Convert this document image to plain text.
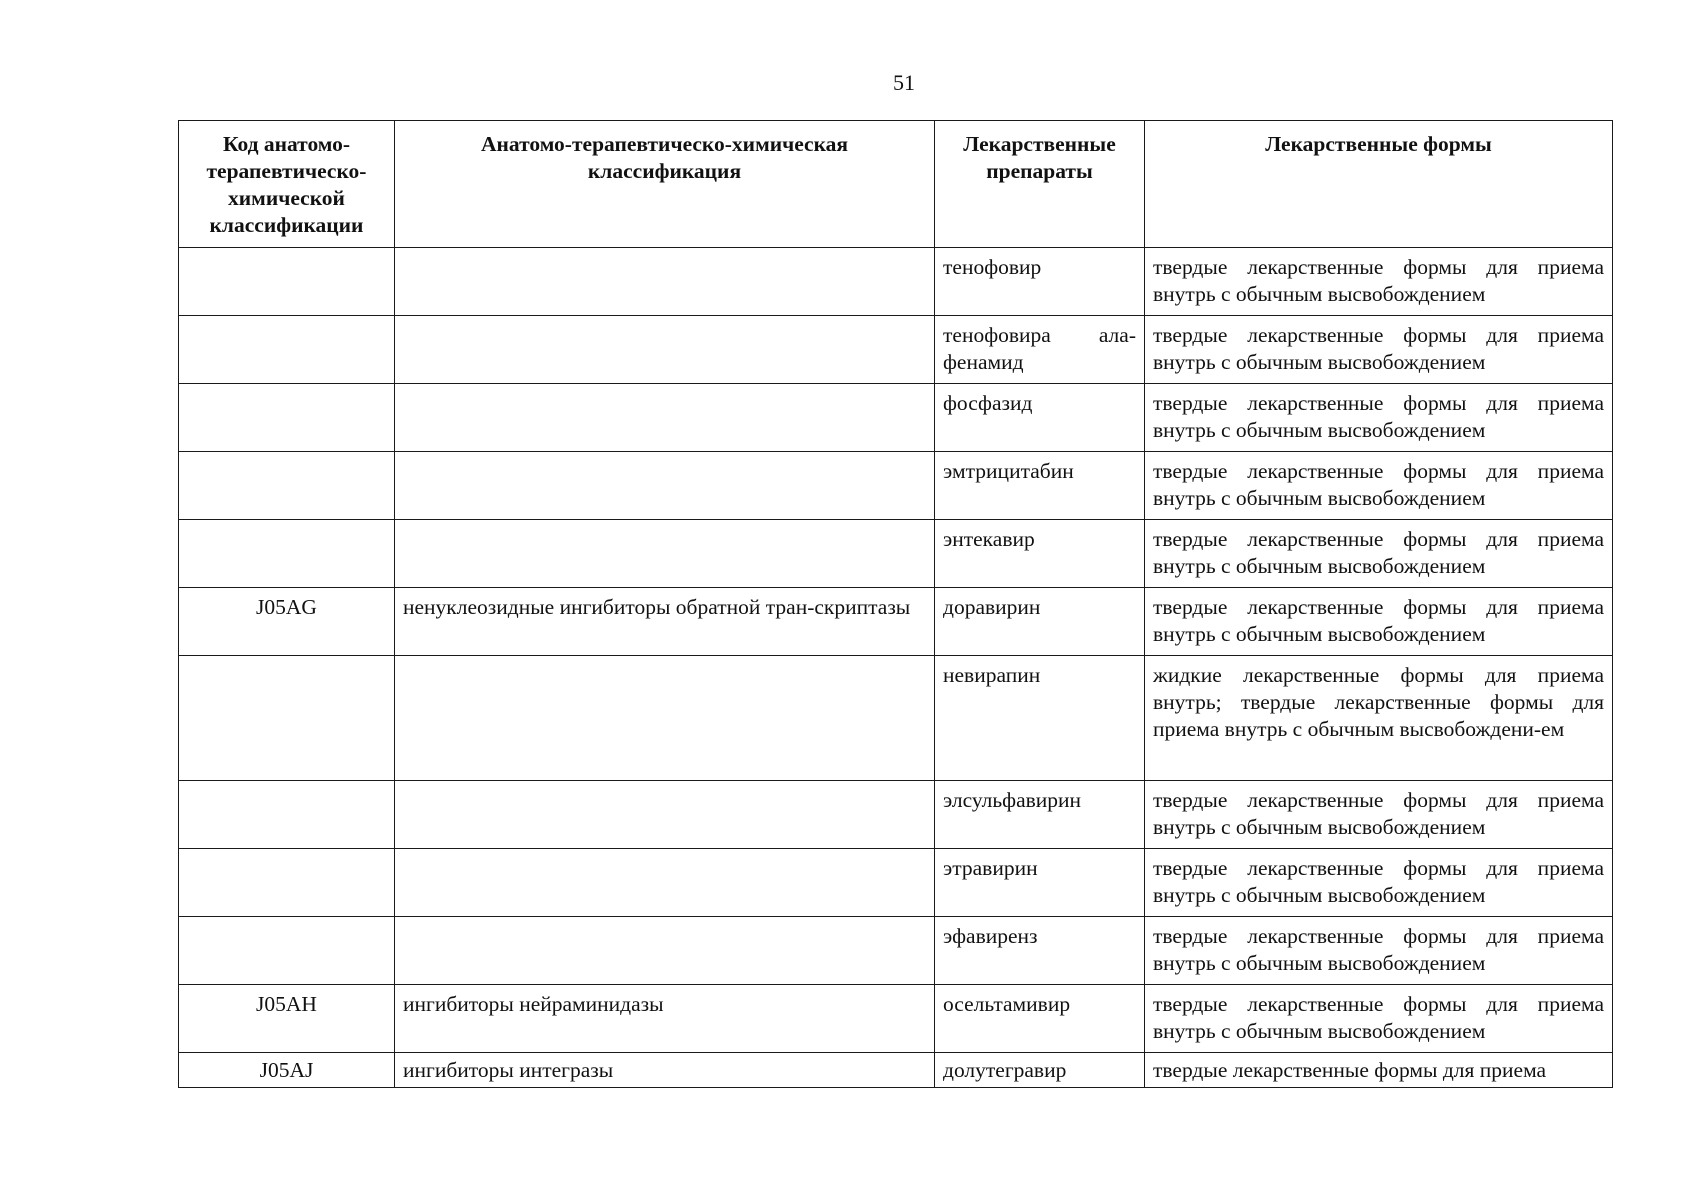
51
Код анатомо-терапевтическо-химической классификации	Анатомо-терапевтическо-химическая классификация	Лекарственные препараты	Лекарственные формы
		тенофовир	твердые лекарственные формы для приема внутрь с обычным высвобождением
		тенофовира ала-фенамид	твердые лекарственные формы для приема внутрь с обычным высвобождением
		фосфазид	твердые лекарственные формы для приема внутрь с обычным высвобождением
		эмтрицитабин	твердые лекарственные формы для приема внутрь с обычным высвобождением
		энтекавир	твердые лекарственные формы для приема внутрь с обычным высвобождением
J05AG	ненуклеозидные ингибиторы обратной тран-скриптазы	доравирин	твердые лекарственные формы для приема внутрь с обычным высвобождением
		невирапин	жидкие лекарственные формы для приема внутрь; твердые лекарственные формы для приема внутрь с обычным высвобождени-ем
		элсульфавирин	твердые лекарственные формы для приема внутрь с обычным высвобождением
		этравирин	твердые лекарственные формы для приема внутрь с обычным высвобождением
		эфавиренз	твердые лекарственные формы для приема внутрь с обычным высвобождением
J05AH	ингибиторы нейраминидазы	осельтамивир	твердые лекарственные формы для приема внутрь с обычным высвобождением
J05AJ	ингибиторы интегразы	долутегравир	твердые лекарственные формы для приема
